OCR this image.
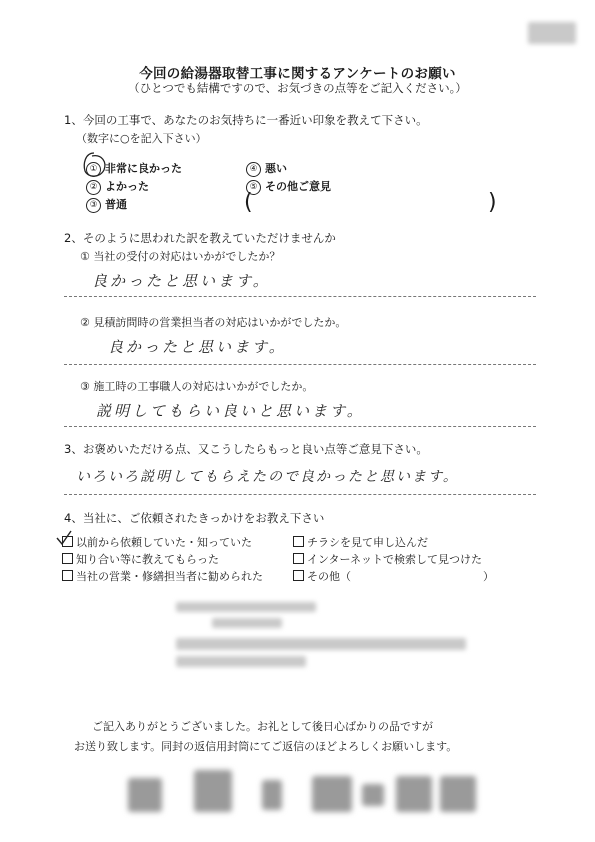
今回の給湯器取替工事に関するアンケートのお願い
（ひとつでも結構ですので、お気づきの点等をご記入ください。）
1、今回の工事で、あなたのお気持ちに一番近い印象を教えて下さい。
（数字に○を記入下さい）
① 非常に良かった
② よかった
③ 普通
④ 悪い
⑤ その他ご意見
(	)
2、そのように思われた訳を教えていただけませんか
① 当社の受付の対応はいかがでしたか？
良かったと思います。
② 見積訪問時の営業担当者の対応はいかがでしたか。
良かったと思います。
③ 施工時の工事職人の対応はいかがでしたか。
説明してもらい良いと思います。
3、お褒めいただける点、又こうしたらもっと良い点等ご意見下さい。
いろいろ説明してもらえたので良かったと思います。
4、当社に、ご依頼されたきっかけをお教え下さい
以前から依頼していた・知っていた
知り合い等に教えてもらった
当社の営業・修繕担当者に勧められた
チラシを見て申し込んだ
インターネットで検索して見つけた
その他（　　　　　　　　　　　　）
ご記入ありがとうございました。お礼として後日心ばかりの品ですが
お送り致します。同封の返信用封筒にてご返信のほどよろしくお願いします。
